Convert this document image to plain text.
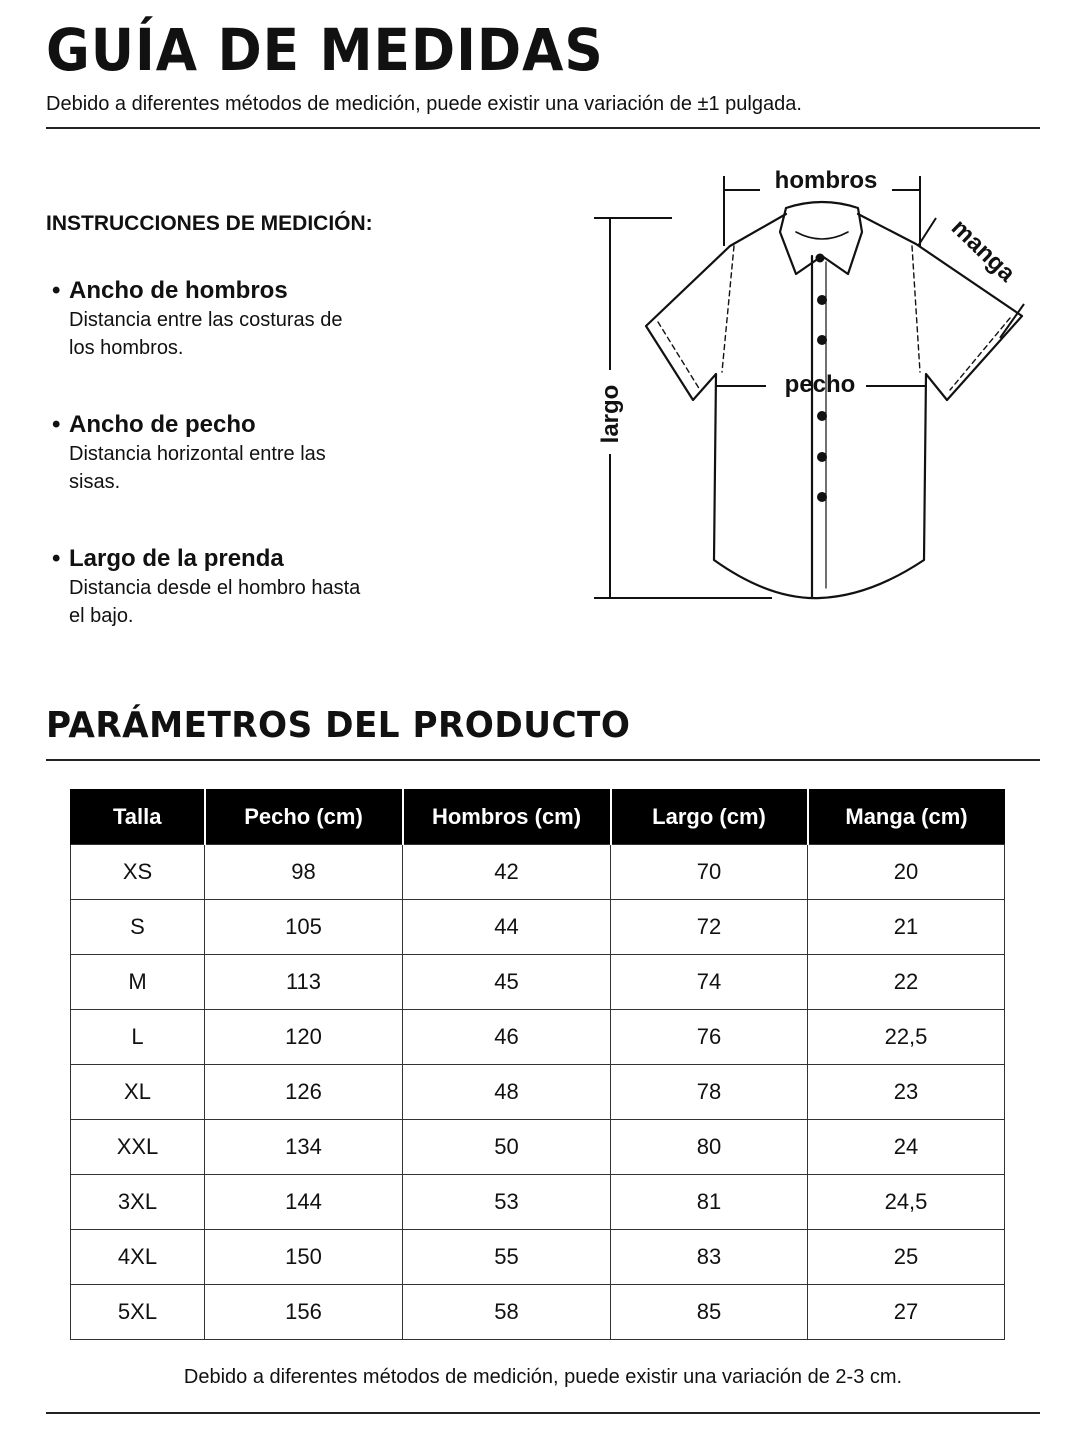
GUÍA DE MEDIDAS
Debido a diferentes métodos de medición, puede existir una variación de ±1 pulgada.
INSTRUCCIONES DE MEDICIÓN:
• Ancho de hombros
Distancia entre las costuras de los hombros.
• Ancho de pecho
Distancia horizontal entre las sisas.
• Largo de la prenda
Distancia desde el hombro hasta el bajo.
hombros
pecho
largo
manga
PARÁMETROS DEL PRODUCTO
Talla	Pecho (cm)	Hombros (cm)	Largo (cm)	Manga (cm)
XS	98	42	70	20
S	105	44	72	21
M	113	45	74	22
L	120	46	76	22,5
XL	126	48	78	23
XXL	134	50	80	24
3XL	144	53	81	24,5
4XL	150	55	83	25
5XL	156	58	85	27
Debido a diferentes métodos de medición, puede existir una variación de 2-3 cm.
